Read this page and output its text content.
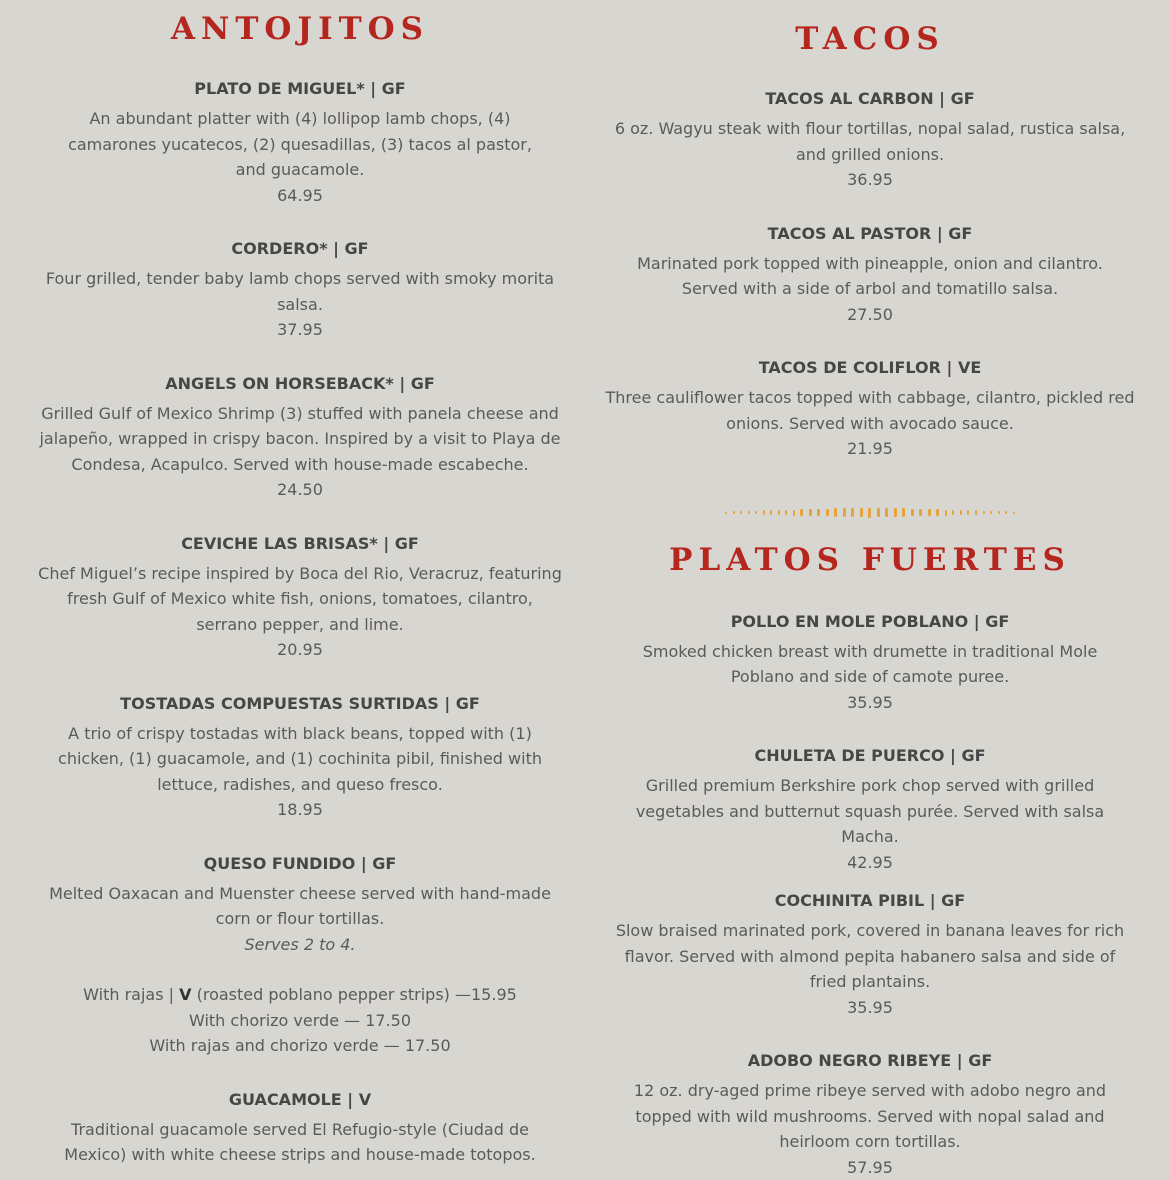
ANTOJITOS

PLATO DE MIGUEL* | GF

An abundant platter with (4) lollipop lamb chops, (4) camarones yucatecos, (2) quesadillas, (3) tacos al pastor, and guacamole.

64.95

CORDERO* | GF

Four grilled, tender baby lamb chops served with smoky morita salsa.

37.95

ANGELS ON HORSEBACK* | GF

Grilled Gulf of Mexico Shrimp (3) stuffed with panela cheese and jalapeño, wrapped in crispy bacon. Inspired by a visit to Playa de Condesa, Acapulco. Served with house-made escabeche.

24.50

CEVICHE LAS BRISAS* | GF

Chef Miguel’s recipe inspired by Boca del Rio, Veracruz, featuring fresh Gulf of Mexico white fish, onions, tomatoes, cilantro, serrano pepper, and lime.

20.95

TOSTADAS COMPUESTAS SURTIDAS | GF

A trio of crispy tostadas with black beans, topped with (1) chicken, (1) guacamole, and (1) cochinita pibil, finished with lettuce, radishes, and queso fresco.

18.95

QUESO FUNDIDO | GF

Melted Oaxacan and Muenster cheese served with hand-made corn or flour tortillas.

Serves 2 to 4.

With rajas | V (roasted poblano pepper strips) —15.95

With chorizo verde — 17.50

With rajas and chorizo verde — 17.50

GUACAMOLE | V

Traditional guacamole served El Refugio-style (Ciudad de Mexico) with white cheese strips and house-made totopos.

TACOS

TACOS AL CARBON | GF

6 oz. Wagyu steak with flour tortillas, nopal salad, rustica salsa, and grilled onions.

36.95

TACOS AL PASTOR | GF

Marinated pork topped with pineapple, onion and cilantro. Served with a side of arbol and tomatillo salsa.

27.50

TACOS DE COLIFLOR | VE

Three cauliflower tacos topped with cabbage, cilantro, pickled red onions. Served with avocado sauce.

21.95

PLATOS FUERTES

POLLO EN MOLE POBLANO | GF

Smoked chicken breast with drumette in traditional Mole Poblano and side of camote puree.

35.95

CHULETA DE PUERCO | GF

Grilled premium Berkshire pork chop served with grilled vegetables and butternut squash purée. Served with salsa Macha.

42.95

COCHINITA PIBIL | GF

Slow braised marinated pork, covered in banana leaves for rich flavor. Served with almond pepita habanero salsa and side of fried plantains.

35.95

ADOBO NEGRO RIBEYE | GF

12 oz. dry-aged prime ribeye served with adobo negro and topped with wild mushrooms. Served with nopal salad and heirloom corn tortillas.

57.95
